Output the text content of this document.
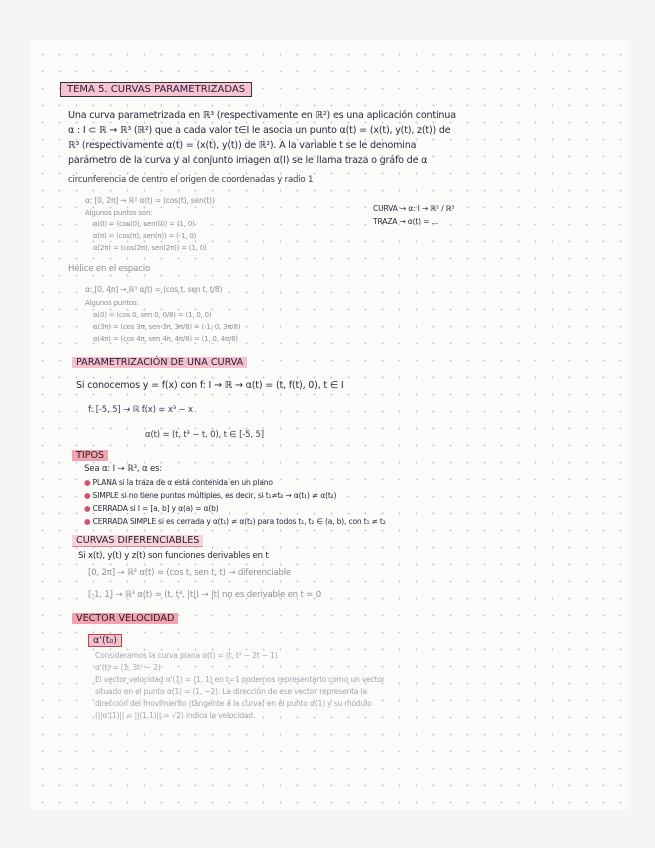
TEMA 5. CURVAS PARAMETRIZADAS
Una curva parametrizada en ℝ³ (respectivamente en ℝ²) es una aplicación continua
α : I ⊂ ℝ → ℝ³ (ℝ²) que a cada valor t∈I le asocia un punto α(t) = (x(t), y(t), z(t)) de
ℝ³ (respectivamente α(t) = (x(t), y(t)) de ℝ²). A la variable t se le denomina
parámetro de la curva y al conjunto imagen α(I) se le llama traza o gráfo de α
circunferencia de centro el origen de coordenadas y radio 1
α: [0, 2π] → ℝ² α(t) = (cos(t), sen(t))
Algunos puntos son:
α(0) = (cos(0), sen(0)) = (1, 0)
α(π) = (cos(π), sen(π)) = (-1, 0)
α(2π) = (cos(2π), sen(2π)) = (1, 0)
CURVA → α: I → ℝ² / ℝ³
TRAZA → α(t) = ...
Hélice en el espacio
α: [0, 4π] → ℝ³ α(t) = (cos t, sen t, t/8)
Algunos puntos:
α(0) = (cos 0, sen 0, 0/8) = (1, 0, 0)
α(3π) = (cos 3π, sen 3π, 3π/8) = (-1, 0, 3π/8)
α(4π) = (cos 4π, sen 4π, 4π/8) = (1, 0, 4π/8)
PARAMETRIZACIÓN DE UNA CURVA
Si conocemos y = f(x) con f: I → ℝ → α(t) = (t, f(t), 0), t ∈ I
f: [-5, 5] → ℝ f(x) = x³ − x
α(t) = (t, t³ − t, 0), t ∈ [-5, 5]
TIPOS
Sea α: I → ℝ³, α es:
● PLANA si la traza de α está contenida en un plano
● SIMPLE si no tiene puntos múltiples, es decir, si t₁≠t₂ → α(t₁) ≠ α(t₂)
● CERRADA si I = [a, b] y α(a) = α(b)
● CERRADA SIMPLE si es cerrada y α(t₁) ≠ α(t₂) para todos t₁, t₂ ∈ (a, b), con t₁ ≠ t₂
CURVAS DIFERENCIABLES
Si x(t), y(t) y z(t) son funciones derivables en t
[0, 2π] → ℝ³ α(t) = (cos t, sen t, t) → diferenciable
[-1, 1] → ℝ³ α(t) = (t, t³, |t|) → |t| no es derivable en t = 0
VECTOR VELOCIDAD
α'(t₀)
Consideramos la curva plana α(t) = (t, t³ − 2t − 1)
α'(t) = (1, 3t² − 2)
El vector velocidad α'(1) = (1, 1) en t=1 podemos representarlo como un vector
situado en el punto α(1) = (1, −2). La dirección de ese vector representa la
dirección del movimiento (tangente a la curva) en el punto α(1) y su módulo
(||α'(1)|| = ||(1,1)|| = √2) indica la velocidad.
